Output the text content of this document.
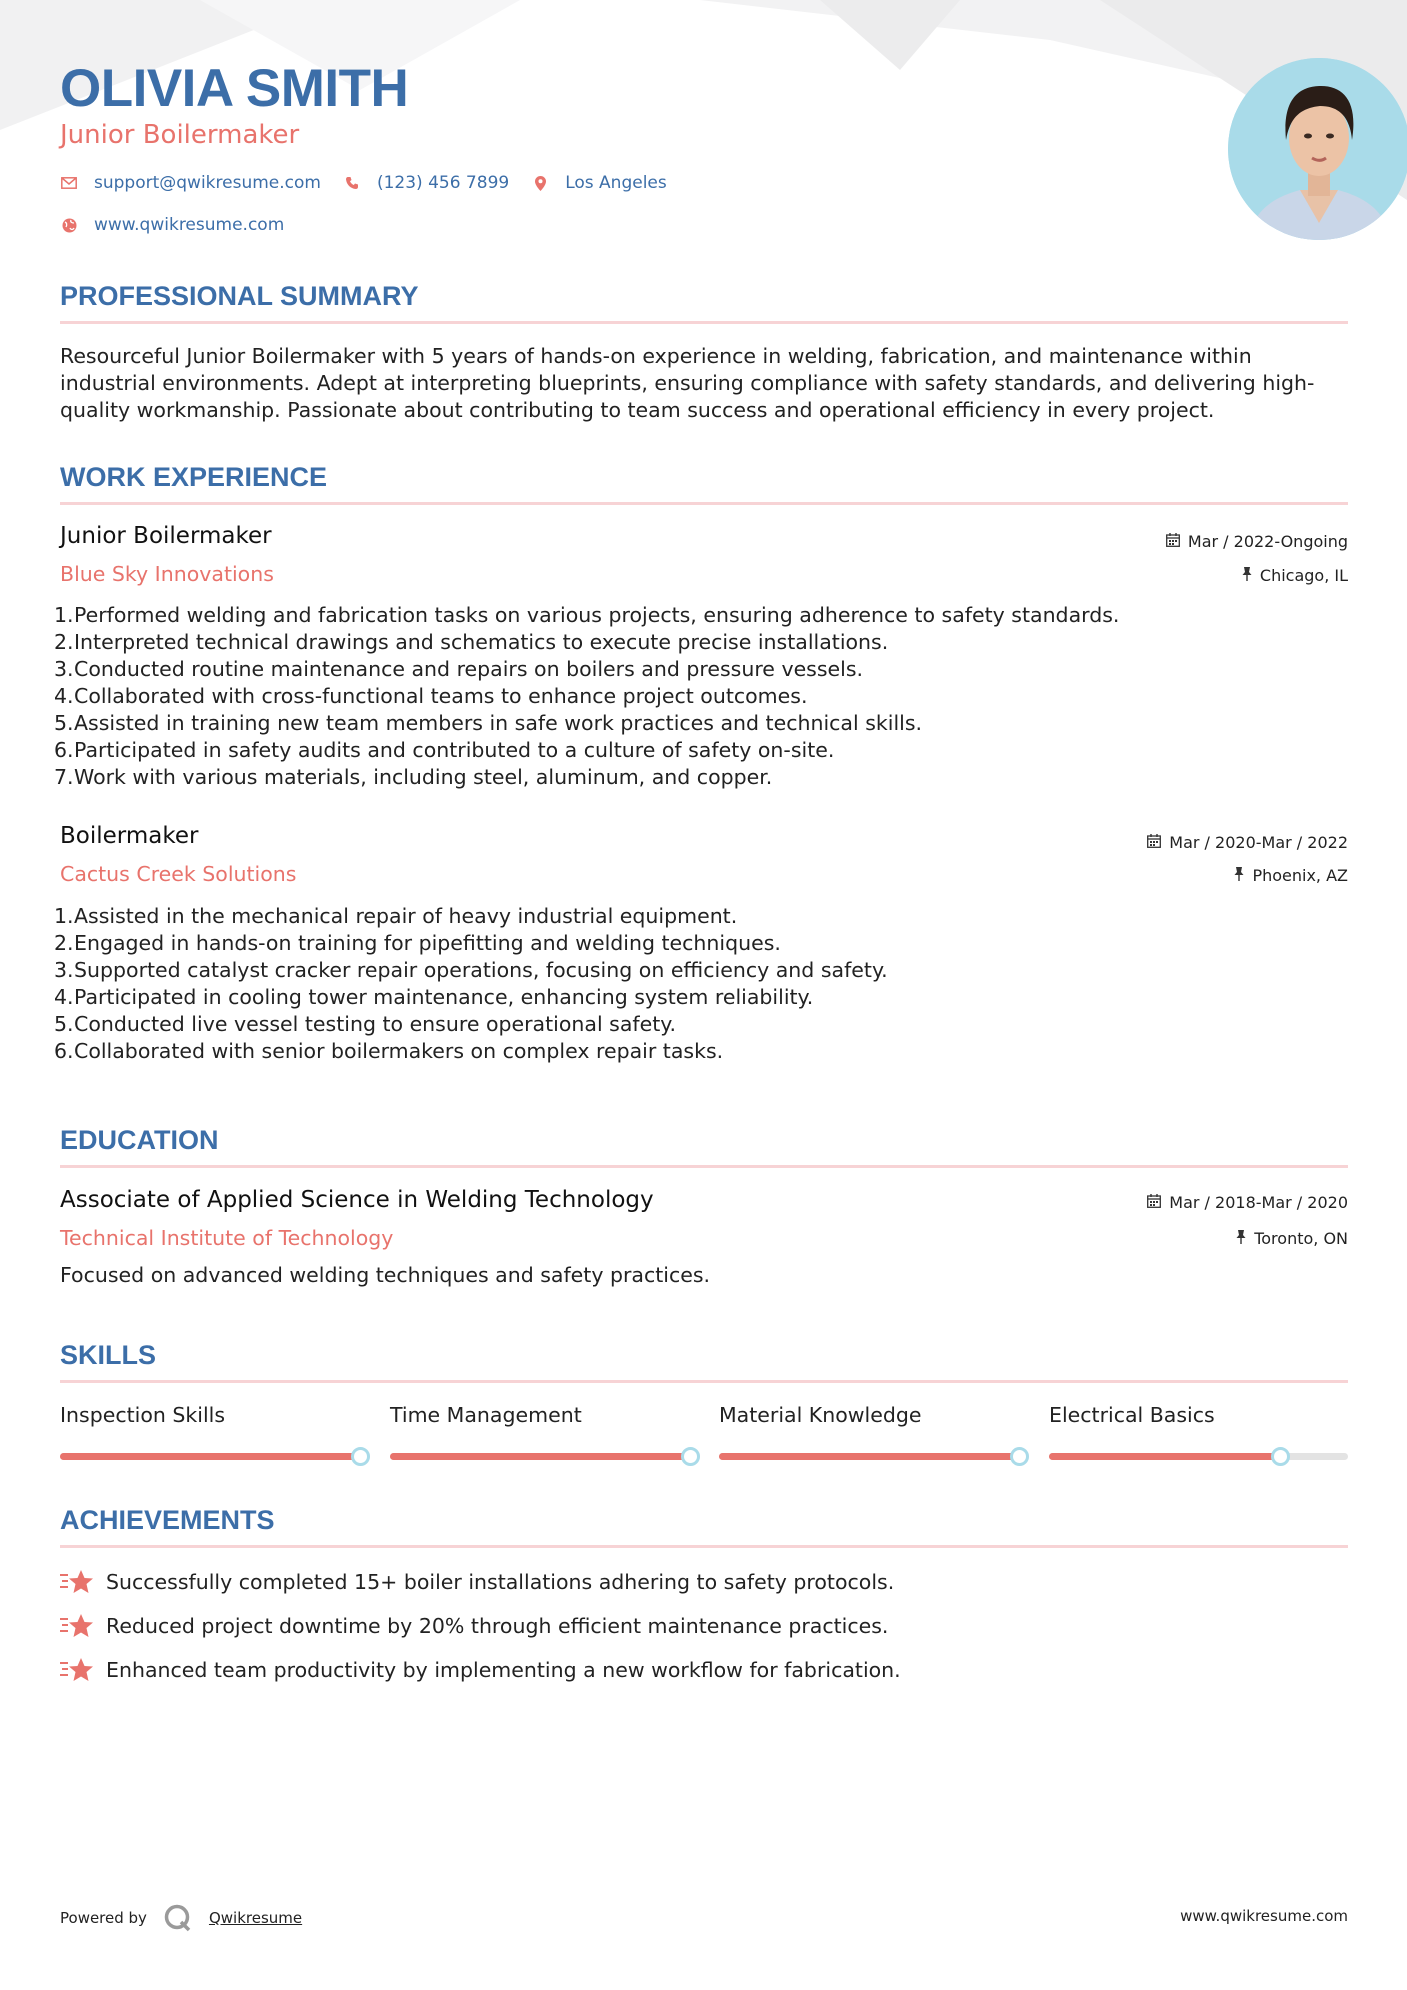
OLIVIA SMITH
Junior Boilermaker
support@qwikresume.com	(123) 456 7899	Los Angeles
www.qwikresume.com
PROFESSIONAL SUMMARY
Resourceful Junior Boilermaker with 5 years of hands-on experience in welding, fabrication, and maintenance within
industrial environments. Adept at interpreting blueprints, ensuring compliance with safety standards, and delivering high-
quality workmanship. Passionate about contributing to team success and operational efficiency in every project.
WORK EXPERIENCE
Junior Boilermaker
Blue Sky Innovations
Mar / 2022-Ongoing
Chicago, IL
1. Performed welding and fabrication tasks on various projects, ensuring adherence to safety standards.
2. Interpreted technical drawings and schematics to execute precise installations.
3. Conducted routine maintenance and repairs on boilers and pressure vessels.
4. Collaborated with cross-functional teams to enhance project outcomes.
5. Assisted in training new team members in safe work practices and technical skills.
6. Participated in safety audits and contributed to a culture of safety on-site.
7. Work with various materials, including steel, aluminum, and copper.
Boilermaker
Cactus Creek Solutions
Mar / 2020-Mar / 2022
Phoenix, AZ
1. Assisted in the mechanical repair of heavy industrial equipment.
2. Engaged in hands-on training for pipefitting and welding techniques.
3. Supported catalyst cracker repair operations, focusing on efficiency and safety.
4. Participated in cooling tower maintenance, enhancing system reliability.
5. Conducted live vessel testing to ensure operational safety.
6. Collaborated with senior boilermakers on complex repair tasks.
EDUCATION
Associate of Applied Science in Welding Technology
Technical Institute of Technology
Mar / 2018-Mar / 2020
Toronto, ON
Focused on advanced welding techniques and safety practices.
SKILLS
Inspection Skills	Time Management	Material Knowledge	Electrical Basics
ACHIEVEMENTS
Successfully completed 15+ boiler installations adhering to safety protocols.
Reduced project downtime by 20% through efficient maintenance practices.
Enhanced team productivity by implementing a new workflow for fabrication.
Powered by	Qwikresume	www.qwikresume.com
